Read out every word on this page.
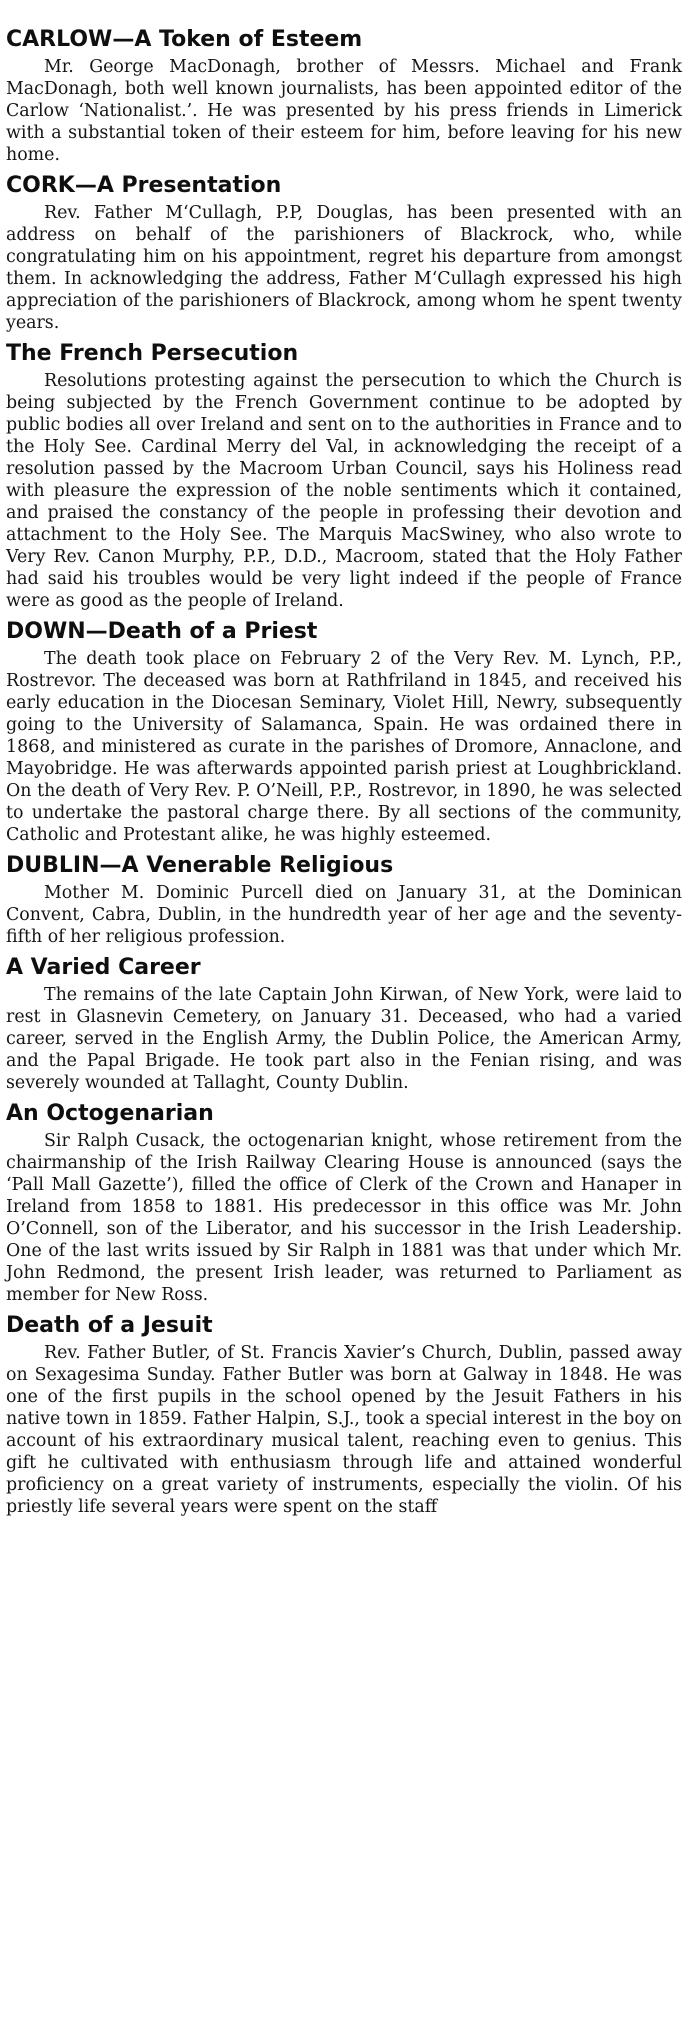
CARLOW—A Token of Esteem

Mr. George MacDonagh, brother of Messrs. Michael and Frank MacDonagh, both well known journalists, has been appointed editor of the Carlow ‘Nationalist.’. He was presented by his press friends in Limerick with a substantial token of their esteem for him, before leaving for his new home.

CORK—A Presentation

Rev. Father M‘Cullagh, P.P, Douglas, has been presented with an address on behalf of the parishioners of Blackrock, who, while congratulating him on his appointment, regret his departure from amongst them. In acknowledging the address, Father M‘Cullagh expressed his high appreciation of the parishioners of Blackrock, among whom he spent twenty years.

The French Persecution

Resolutions protesting against the persecution to which the Church is being subjected by the French Government continue to be adopted by public bodies all over Ireland and sent on to the authorities in France and to the Holy See. Cardinal Merry del Val, in acknowledging the receipt of a resolution passed by the Macroom Urban Council, says his Holiness read with pleasure the expression of the noble sentiments which it contained, and praised the constancy of the people in professing their devotion and attachment to the Holy See. The Marquis MacSwiney, who also wrote to Very Rev. Canon Murphy, P.P., D.D., Macroom, stated that the Holy Father had said his troubles would be very light indeed if the people of France were as good as the people of Ireland.

DOWN—Death of a Priest

The death took place on February 2 of the Very Rev. M. Lynch, P.P., Rostrevor. The deceased was born at Rathfriland in 1845, and received his early education in the Diocesan Seminary, Violet Hill, Newry, subsequently going to the University of Salamanca, Spain. He was ordained there in 1868, and ministered as curate in the parishes of Dromore, Annaclone, and Mayobridge. He was afterwards appointed parish priest at Loughbrickland. On the death of Very Rev. P. O’Neill, P.P., Rostrevor, in 1890, he was selected to undertake the pastoral charge there. By all sections of the community, Catholic and Protestant alike, he was highly esteemed.

DUBLIN—A Venerable Religious

Mother M. Dominic Purcell died on January 31, at the Dominican Convent, Cabra, Dublin, in the hundredth year of her age and the seventy-fifth of her religious profession.

A Varied Career

The remains of the late Captain John Kirwan, of New York, were laid to rest in Glasnevin Cemetery, on January 31. Deceased, who had a varied career, served in the English Army, the Dublin Police, the American Army, and the Papal Brigade. He took part also in the Fenian rising, and was severely wounded at Tallaght, County Dublin.

An Octogenarian

Sir Ralph Cusack, the octogenarian knight, whose retirement from the chairmanship of the Irish Railway Clearing House is announced (says the ‘Pall Mall Gazette’), filled the office of Clerk of the Crown and Hanaper in Ireland from 1858 to 1881. His predecessor in this office was Mr. John O’Connell, son of the Liberator, and his successor in the Irish Leadership. One of the last writs issued by Sir Ralph in 1881 was that under which Mr. John Redmond, the present Irish leader, was returned to Parliament as member for New Ross.

Death of a Jesuit

Rev. Father Butler, of St. Francis Xavier’s Church, Dublin, passed away on Sexagesima Sunday. Father Butler was born at Galway in 1848. He was one of the first pupils in the school opened by the Jesuit Fathers in his native town in 1859. Father Halpin, S.J., took a special interest in the boy on account of his extraordinary musical talent, reaching even to genius. This gift he cultivated with enthusiasm through life and attained wonderful proficiency on a great variety of instruments, especially the violin. Of his priestly life several years were spent on the staff
